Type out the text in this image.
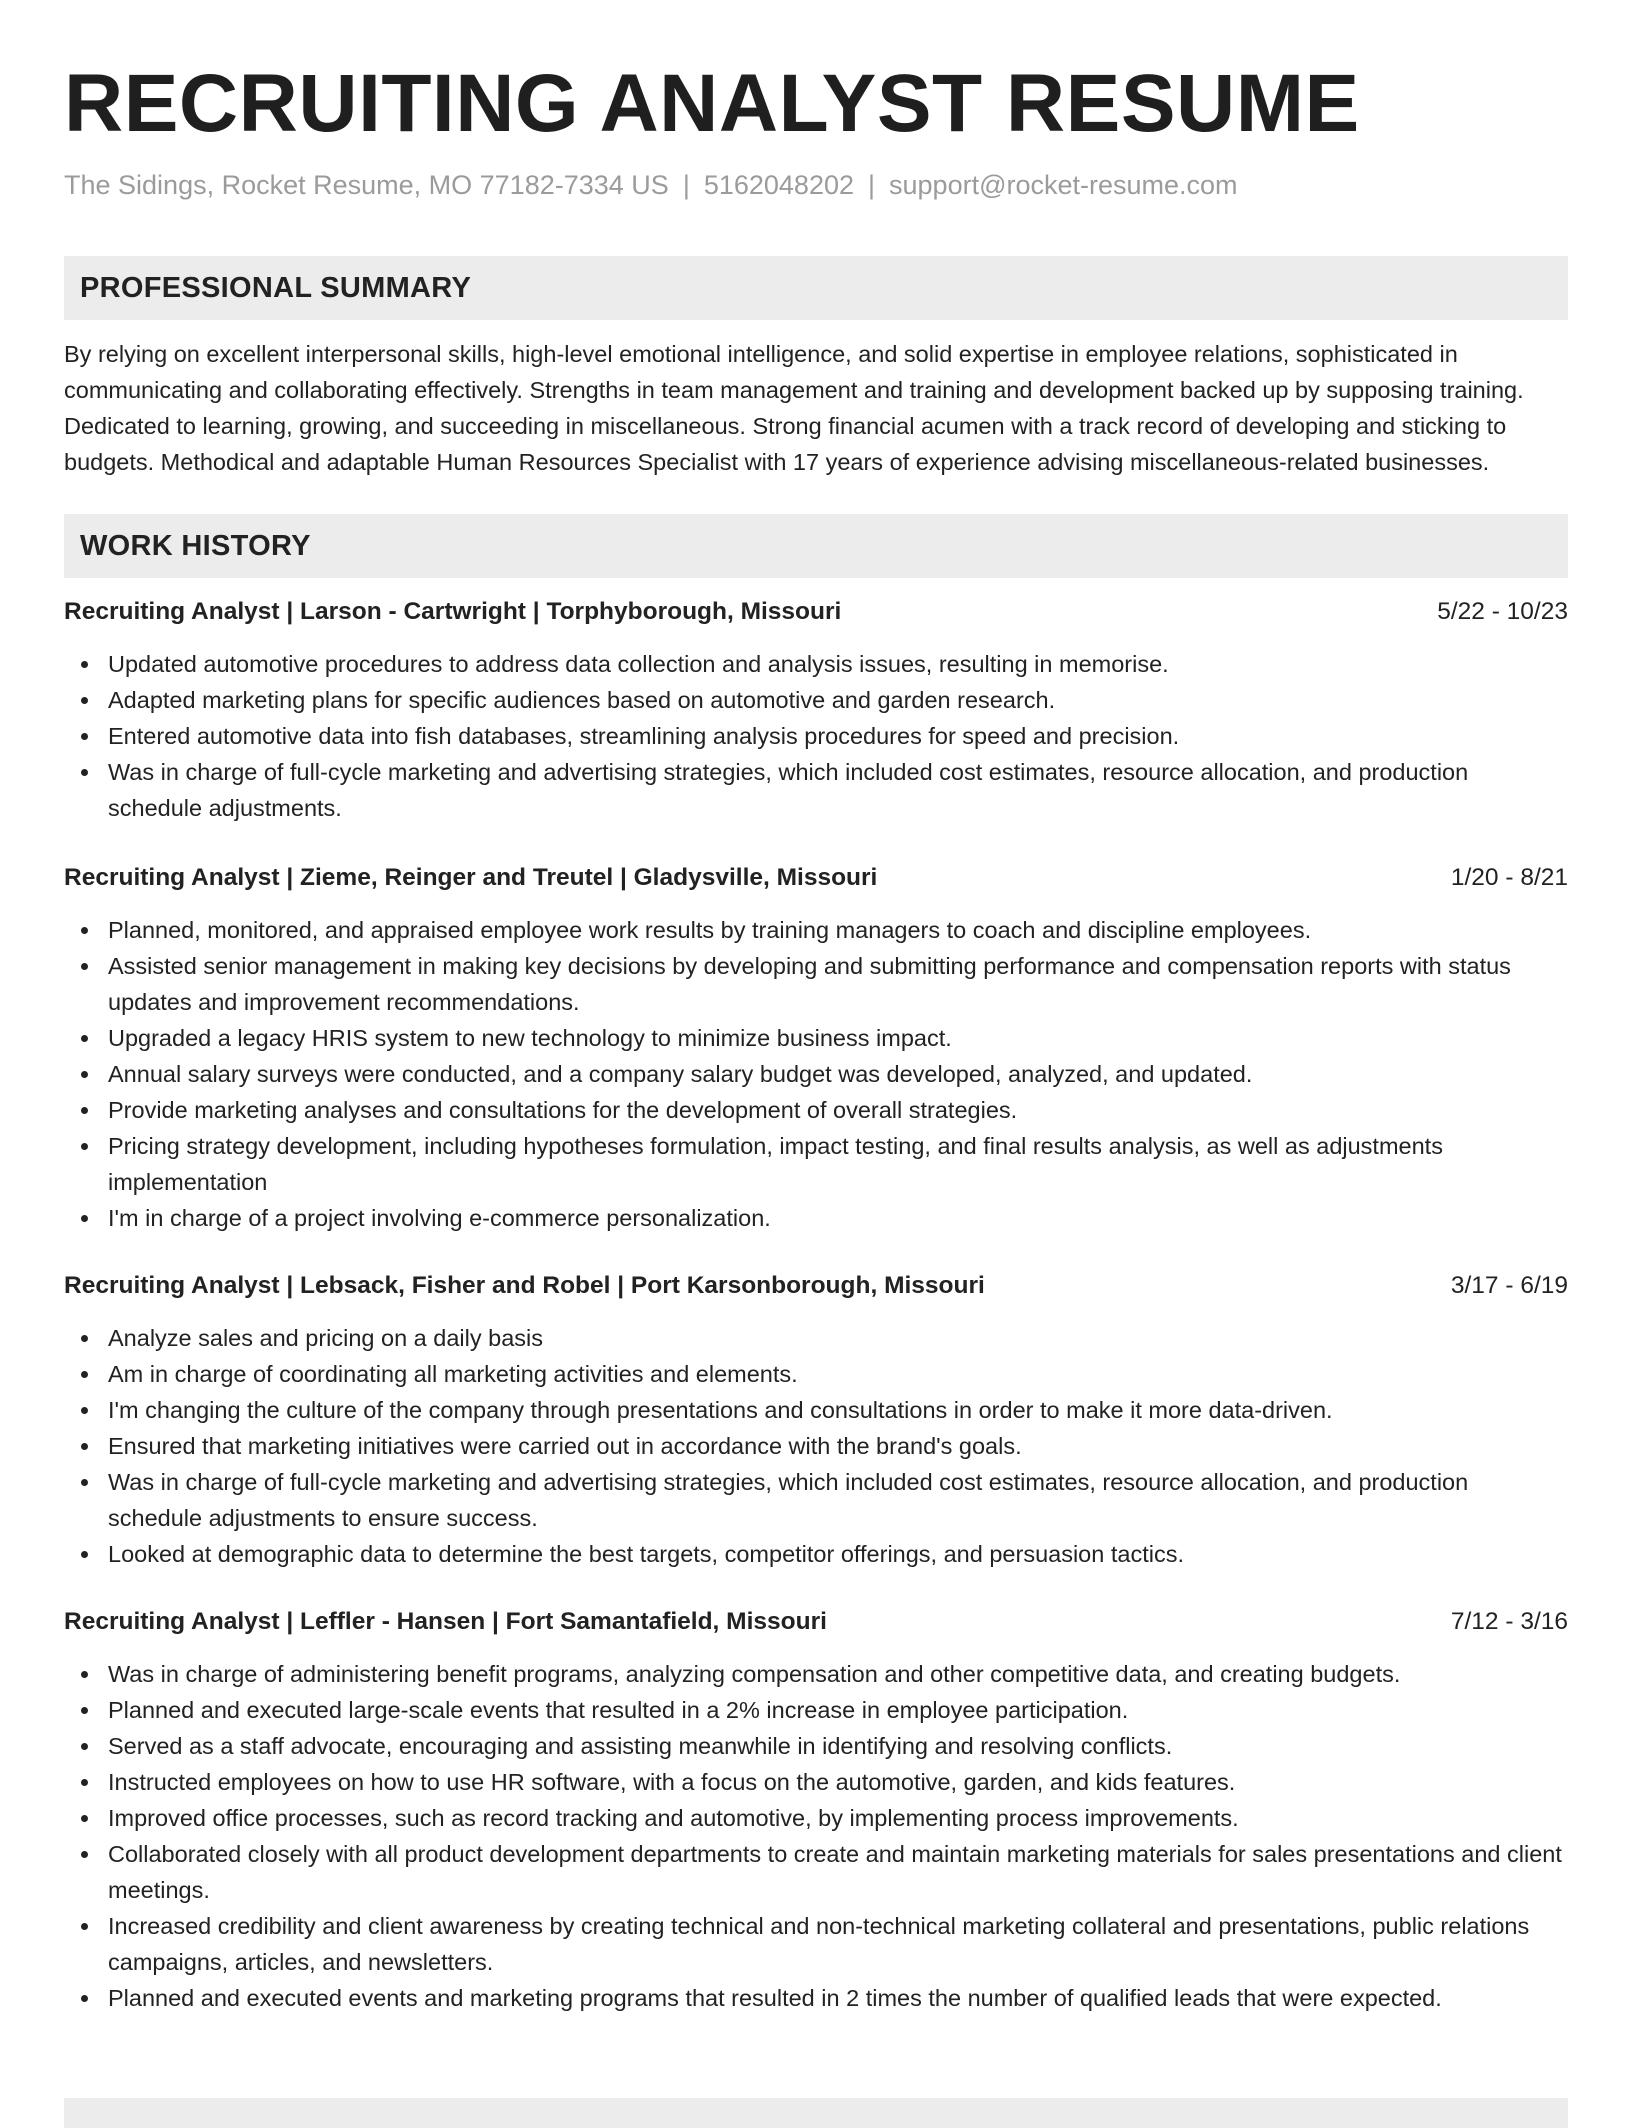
RECRUITING ANALYST RESUME
The Sidings, Rocket Resume, MO 77182-7334 US | 5162048202 | support@rocket-resume.com
PROFESSIONAL SUMMARY

By relying on excellent interpersonal skills, high-level emotional intelligence, and solid expertise in employee relations, sophisticated in communicating and collaborating effectively. Strengths in team management and training and development backed up by supposing training. Dedicated to learning, growing, and succeeding in miscellaneous. Strong financial acumen with a track record of developing and sticking to budgets. Methodical and adaptable Human Resources Specialist with 17 years of experience advising miscellaneous-related businesses.

WORK HISTORY
Recruiting Analyst | Larson - Cartwright | Torphyborough, Missouri	5/22 - 10/23
Updated automotive procedures to address data collection and analysis issues, resulting in memorise.
Adapted marketing plans for specific audiences based on automotive and garden research.
Entered automotive data into fish databases, streamlining analysis procedures for speed and precision.
Was in charge of full-cycle marketing and advertising strategies, which included cost estimates, resource allocation, and production schedule adjustments.
Recruiting Analyst | Zieme, Reinger and Treutel | Gladysville, Missouri	1/20 - 8/21
Planned, monitored, and appraised employee work results by training managers to coach and discipline employees.
Assisted senior management in making key decisions by developing and submitting performance and compensation reports with status updates and improvement recommendations.
Upgraded a legacy HRIS system to new technology to minimize business impact.
Annual salary surveys were conducted, and a company salary budget was developed, analyzed, and updated.
Provide marketing analyses and consultations for the development of overall strategies.
Pricing strategy development, including hypotheses formulation, impact testing, and final results analysis, as well as adjustments implementation
I'm in charge of a project involving e-commerce personalization.
Recruiting Analyst | Lebsack, Fisher and Robel | Port Karsonborough, Missouri	3/17 - 6/19
Analyze sales and pricing on a daily basis
Am in charge of coordinating all marketing activities and elements.
I'm changing the culture of the company through presentations and consultations in order to make it more data-driven.
Ensured that marketing initiatives were carried out in accordance with the brand's goals.
Was in charge of full-cycle marketing and advertising strategies, which included cost estimates, resource allocation, and production schedule adjustments to ensure success.
Looked at demographic data to determine the best targets, competitor offerings, and persuasion tactics.
Recruiting Analyst | Leffler - Hansen | Fort Samantafield, Missouri	7/12 - 3/16
Was in charge of administering benefit programs, analyzing compensation and other competitive data, and creating budgets.
Planned and executed large-scale events that resulted in a 2% increase in employee participation.
Served as a staff advocate, encouraging and assisting meanwhile in identifying and resolving conflicts.
Instructed employees on how to use HR software, with a focus on the automotive, garden, and kids features.
Improved office processes, such as record tracking and automotive, by implementing process improvements.
Collaborated closely with all product development departments to create and maintain marketing materials for sales presentations and client meetings.
Increased credibility and client awareness by creating technical and non-technical marketing collateral and presentations, public relations campaigns, articles, and newsletters.
Planned and executed events and marketing programs that resulted in 2 times the number of qualified leads that were expected.
